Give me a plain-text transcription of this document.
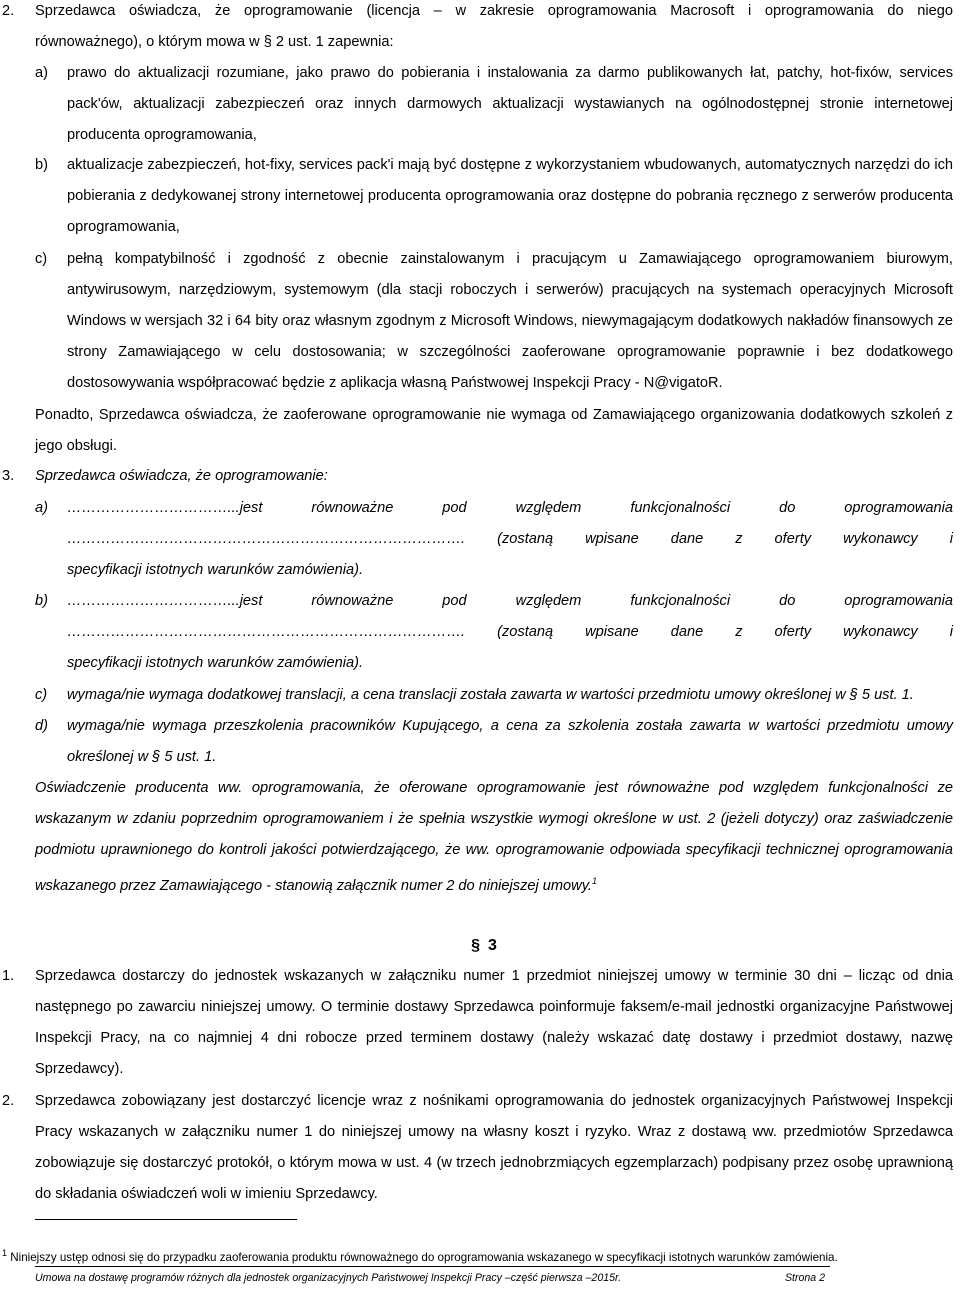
2. Sprzedawca oświadcza, że oprogramowanie (licencja – w zakresie oprogramowania Macrosoft i oprogramowania do niego
równoważnego), o którym mowa w § 2 ust. 1 zapewnia:
a) prawo do aktualizacji rozumiane, jako prawo do pobierania i instalowania za darmo publikowanych łat, patchy, hot-fixów, services pack'ów, aktualizacji zabezpieczeń oraz innych darmowych aktualizacji wystawianych na ogólnodostępnej stronie internetowej producenta oprogramowania,
b) aktualizacje zabezpieczeń, hot-fixy, services pack'i mają być dostępne z wykorzystaniem wbudowanych, automatycznych narzędzi do ich pobierania z dedykowanej strony internetowej producenta oprogramowania oraz dostępne do pobrania ręcznego z serwerów producenta oprogramowania,
c) pełną kompatybilność i zgodność z obecnie zainstalowanym i pracującym u Zamawiającego oprogramowaniem biurowym, antywirusowym, narzędziowym, systemowym (dla stacji roboczych i serwerów) pracujących na systemach operacyjnych Microsoft Windows w wersjach 32 i 64 bity oraz własnym zgodnym z Microsoft Windows, niewymagającym dodatkowych nakładów finansowych ze strony Zamawiającego w celu dostosowania; w szczególności zaoferowane oprogramowanie poprawnie i bez dodatkowego dostosowywania współpracować będzie z aplikacja własną Państwowej Inspekcji Pracy - N@vigatoR.
Ponadto, Sprzedawca oświadcza, że zaoferowane oprogramowanie nie wymaga od Zamawiającego organizowania dodatkowych szkoleń z jego obsługi.
3. Sprzedawca oświadcza, że oprogramowanie:
a) ……………………………...jest równoważne pod względem funkcjonalności do oprogramowania
………………………………………………………………………. (zostaną wpisane dane z oferty wykonawcy i
specyfikacji istotnych warunków zamówienia).
b) ……………………………...jest równoważne pod względem funkcjonalności do oprogramowania
………………………………………………………………………. (zostaną wpisane dane z oferty wykonawcy i
specyfikacji istotnych warunków zamówienia).
c) wymaga/nie wymaga dodatkowej translacji, a cena translacji została zawarta w wartości przedmiotu umowy określonej w § 5 ust. 1.
d) wymaga/nie wymaga przeszkolenia pracowników Kupującego, a cena za szkolenia została zawarta w wartości przedmiotu umowy określonej w § 5 ust. 1.
Oświadczenie producenta ww. oprogramowania, że oferowane oprogramowanie jest równoważne pod względem funkcjonalności ze wskazanym w zdaniu poprzednim oprogramowaniem i że spełnia wszystkie wymogi określone w ust. 2 (jeżeli dotyczy) oraz zaświadczenie podmiotu uprawnionego do kontroli jakości potwierdzającego, że ww. oprogramowanie odpowiada specyfikacji technicznej oprogramowania wskazanego przez Zamawiającego - stanowią załącznik numer 2 do niniejszej umowy.$^1$
§ 3
1. Sprzedawca dostarczy do jednostek wskazanych w załączniku numer 1 przedmiot niniejszej umowy w terminie 30 dni – licząc od dnia następnego po zawarciu niniejszej umowy. O terminie dostawy Sprzedawca poinformuje faksem/e-mail jednostki organizacyjne Państwowej Inspekcji Pracy, na co najmniej 4 dni robocze przed terminem dostawy (należy wskazać datę dostawy i przedmiot dostawy, nazwę Sprzedawcy).
2. Sprzedawca zobowiązany jest dostarczyć licencje wraz z nośnikami oprogramowania do jednostek organizacyjnych Państwowej Inspekcji Pracy wskazanych w załączniku numer 1 do niniejszej umowy na własny koszt i ryzyko. Wraz z dostawą ww. przedmiotów Sprzedawca zobowiązuje się dostarczyć protokół, o którym mowa w ust. 4 (w trzech jednobrzmiących egzemplarzach) podpisany przez osobę uprawnioną do składania oświadczeń woli w imieniu Sprzedawcy.
$^1$ Niniejszy ustęp odnosi się do przypadku zaoferowania produktu równoważnego do oprogramowania wskazanego w specyfikacji istotnych warunków zamówienia.
Umowa na dostawę programów różnych dla jednostek organizacyjnych Państwowej Inspekcji Pracy –część pierwsza –2015r.	Strona 2
